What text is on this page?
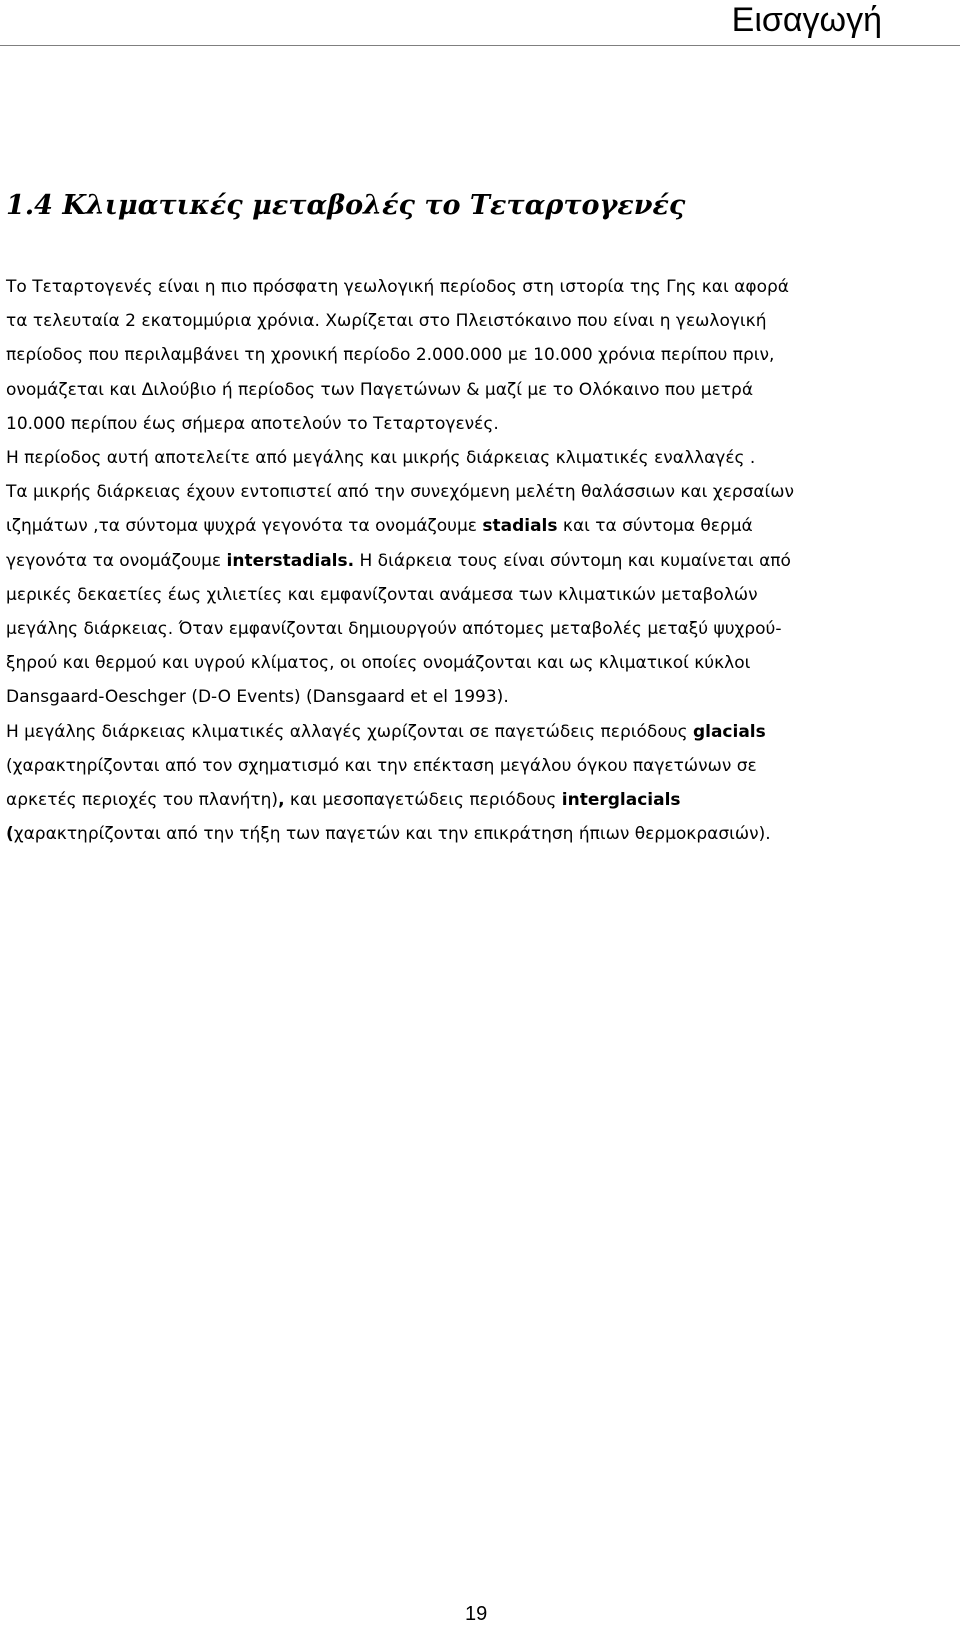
Εισαγωγή
1.4 Κλιματικές μεταβολές το Τεταρτογενές
Το Τεταρτογενές είναι η πιο πρόσφατη γεωλογική περίοδος στη ιστορία της Γης και αφορά
τα τελευταία 2 εκατομμύρια χρόνια. Χωρίζεται στο Πλειστόκαινο που είναι η γεωλογική
περίοδος που περιλαμβάνει τη χρονική περίοδο 2.000.000 με 10.000 χρόνια περίπου πριν,
ονομάζεται και Διλούβιο ή περίοδος των Παγετώνων & μαζί με το Ολόκαινο που μετρά
10.000 περίπου έως σήμερα αποτελούν το Τεταρτογενές.
Η περίοδος αυτή αποτελείτε από μεγάλης και μικρής διάρκειας κλιματικές εναλλαγές .
Τα μικρής διάρκειας έχουν εντοπιστεί από την συνεχόμενη μελέτη θαλάσσιων και χερσαίων
ιζημάτων ,τα σύντομα ψυχρά γεγονότα τα ονομάζουμε stadials και τα σύντομα θερμά
γεγονότα τα ονομάζουμε interstadials. Η διάρκεια τους είναι σύντομη και κυμαίνεται από
μερικές δεκαετίες έως χιλιετίες και εμφανίζονται ανάμεσα των κλιματικών μεταβολών
μεγάλης διάρκειας. Όταν εμφανίζονται δημιουργούν απότομες μεταβολές μεταξύ ψυχρού-
ξηρού και θερμού και υγρού κλίματος, οι οποίες ονομάζονται και ως κλιματικοί κύκλοι
Dansgaard-Oeschger (D-O Events) (Dansgaard et el 1993).
Η μεγάλης διάρκειας κλιματικές αλλαγές χωρίζονται σε παγετώδεις περιόδους glacials
(χαρακτηρίζονται από τον σχηματισμό και την επέκταση μεγάλου όγκου παγετώνων σε
αρκετές περιοχές του πλανήτη), και μεσοπαγετώδεις περιόδους interglacials
(χαρακτηρίζονται από την τήξη των παγετών και την επικράτηση ήπιων θερμοκρασιών).
19
